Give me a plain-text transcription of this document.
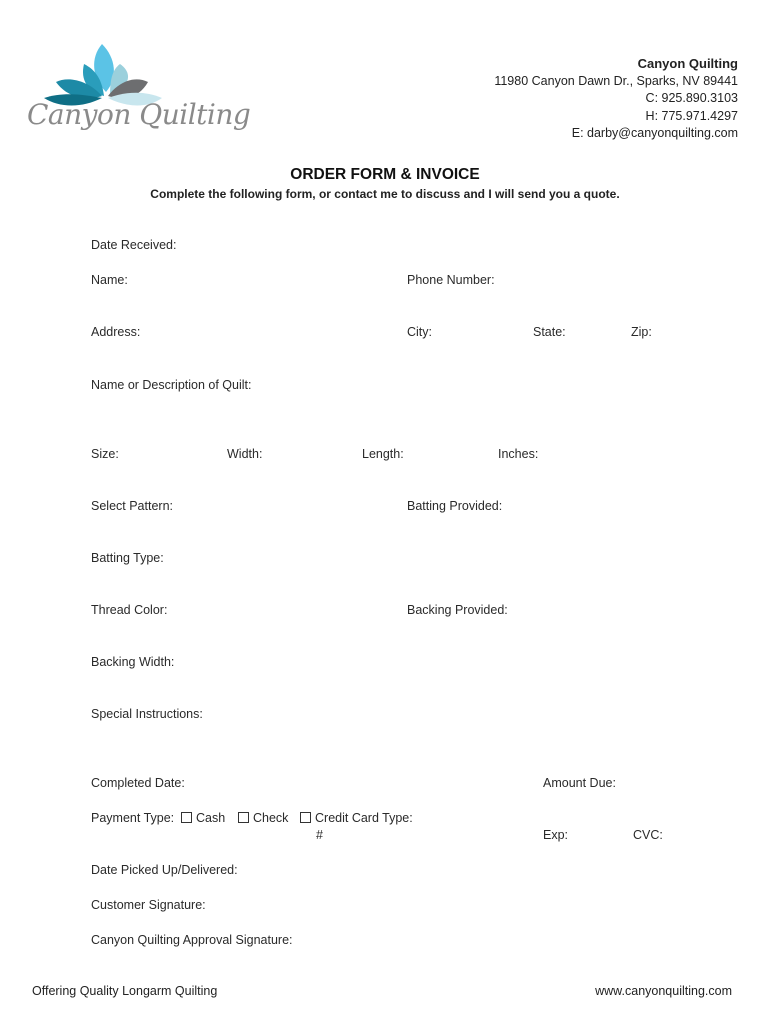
Canyon Quilting
Canyon Quilting
11980 Canyon Dawn Dr., Sparks, NV 89441
C: 925.890.3103
H: 775.971.4297
E: darby@canyonquilting.com
ORDER FORM & INVOICE
Complete the following form, or contact me to discuss and I will send you a quote.
Date Received:
Name:	Phone Number:
Address:	City:	State:	Zip:
Name or Description of Quilt:
Size:	Width:	Length:	Inches:
Select Pattern:	Batting Provided:
Batting Type:
Thread Color:	Backing Provided:
Backing Width:
Special Instructions:
Completed Date:	Amount Due:
Payment Type:	Cash	Check	Credit Card Type:
#	Exp:	CVC:
Date Picked Up/Delivered:
Customer Signature:
Canyon Quilting Approval Signature:
Offering Quality Longarm Quilting	www.canyonquilting.com
